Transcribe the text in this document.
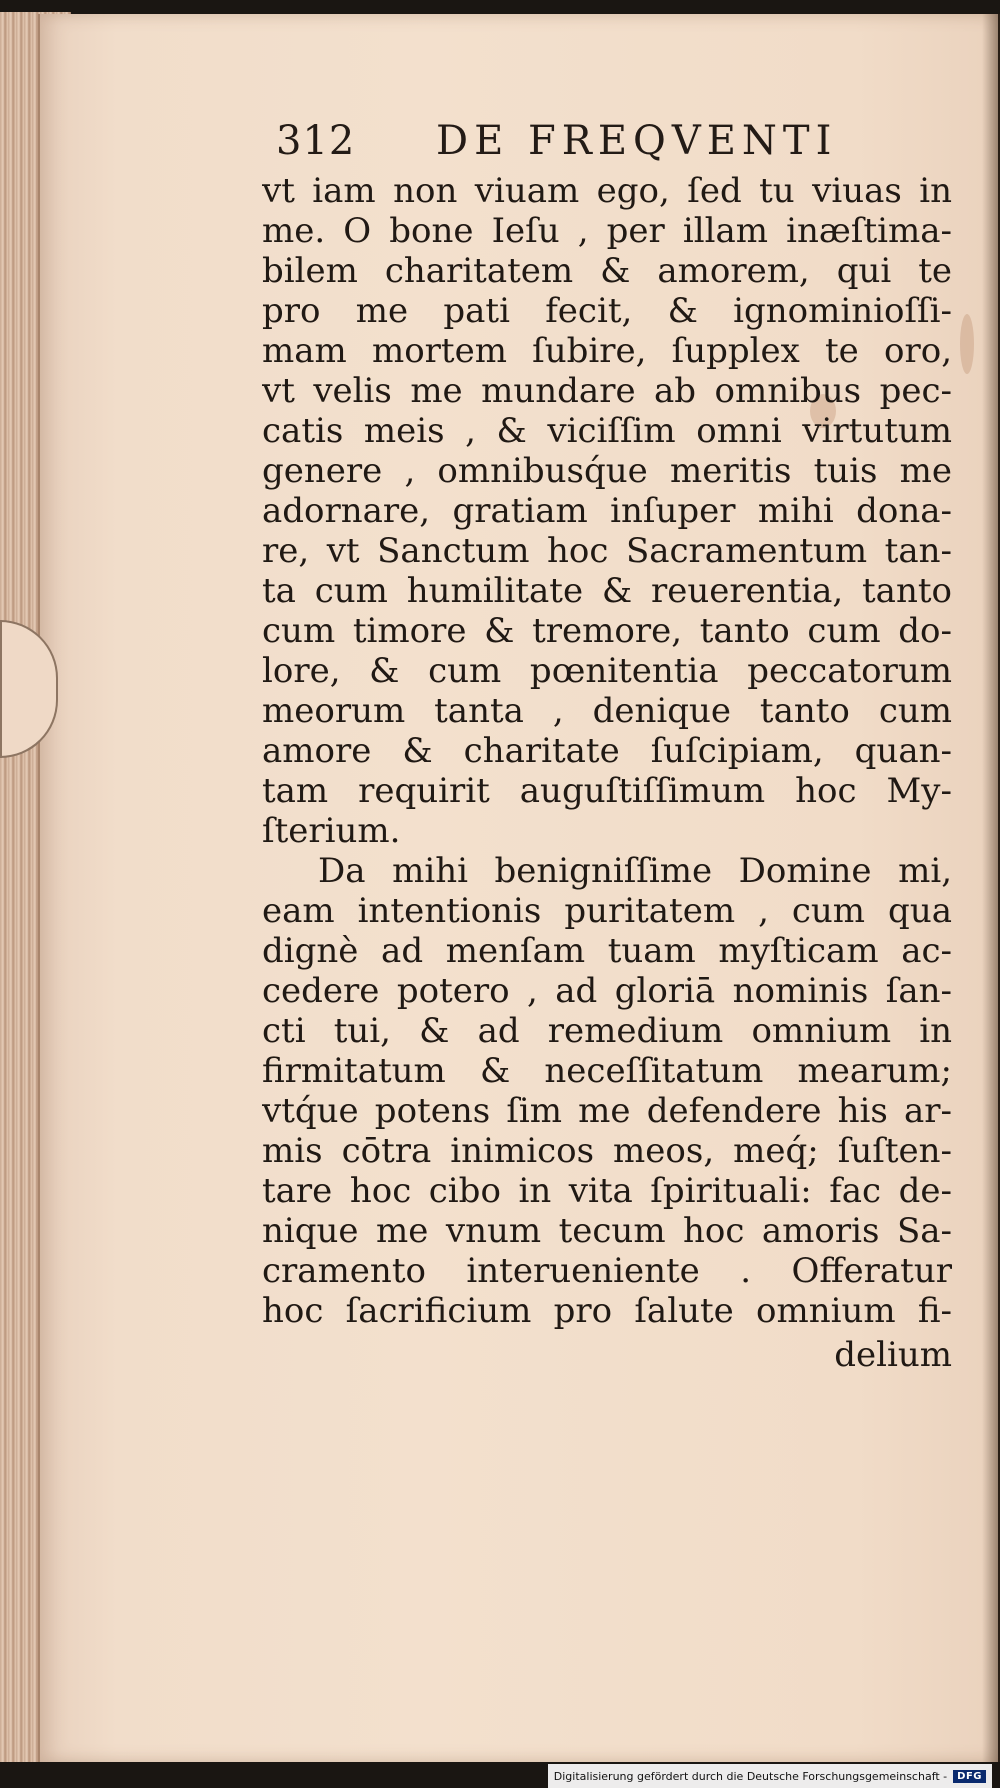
312 DE FREQVENTI
vt iam non viuam ego, ſed tu viuas in
me. O bone Ieſu , per illam inæſtima-
bilem charitatem & amorem, qui te
pro me pati fecit, & ignominioſſi-
mam mortem ſubire, ſupplex te oro,
vt velis me mundare ab omnibus pec-
catis meis , & viciſſim omni virtutum
genere , omnibusq́ue meritis tuis me
adornare, gratiam inſuper mihi dona-
re, vt Sanctum hoc Sacramentum tan-
ta cum humilitate & reuerentia, tanto
cum timore & tremore, tanto cum do-
lore, & cum pœnitentia peccatorum
meorum tanta , denique tanto cum
amore & charitate ſuſcipiam, quan-
tam requirit auguſtiſſimum hoc My-
ſterium.
Da mihi benigniſſime Domine mi,
eam intentionis puritatem , cum qua
dignè ad menſam tuam myſticam ac-
cedere potero , ad gloriā nominis ſan-
cti tui, & ad remedium omnium in
firmitatum & neceſſitatum mearum;
vtq́ue potens ſim me defendere his ar-
mis cōtra inimicos meos, meq́; ſuſten-
tare hoc cibo in vita ſpirituali: fac de-
nique me vnum tecum hoc amoris Sa-
cramento interueniente . Offeratur
hoc ſacrificium pro ſalute omnium fi-
delium
Digitalisierung gefördert durch die Deutsche Forschungsgemeinschaft -	DFG
